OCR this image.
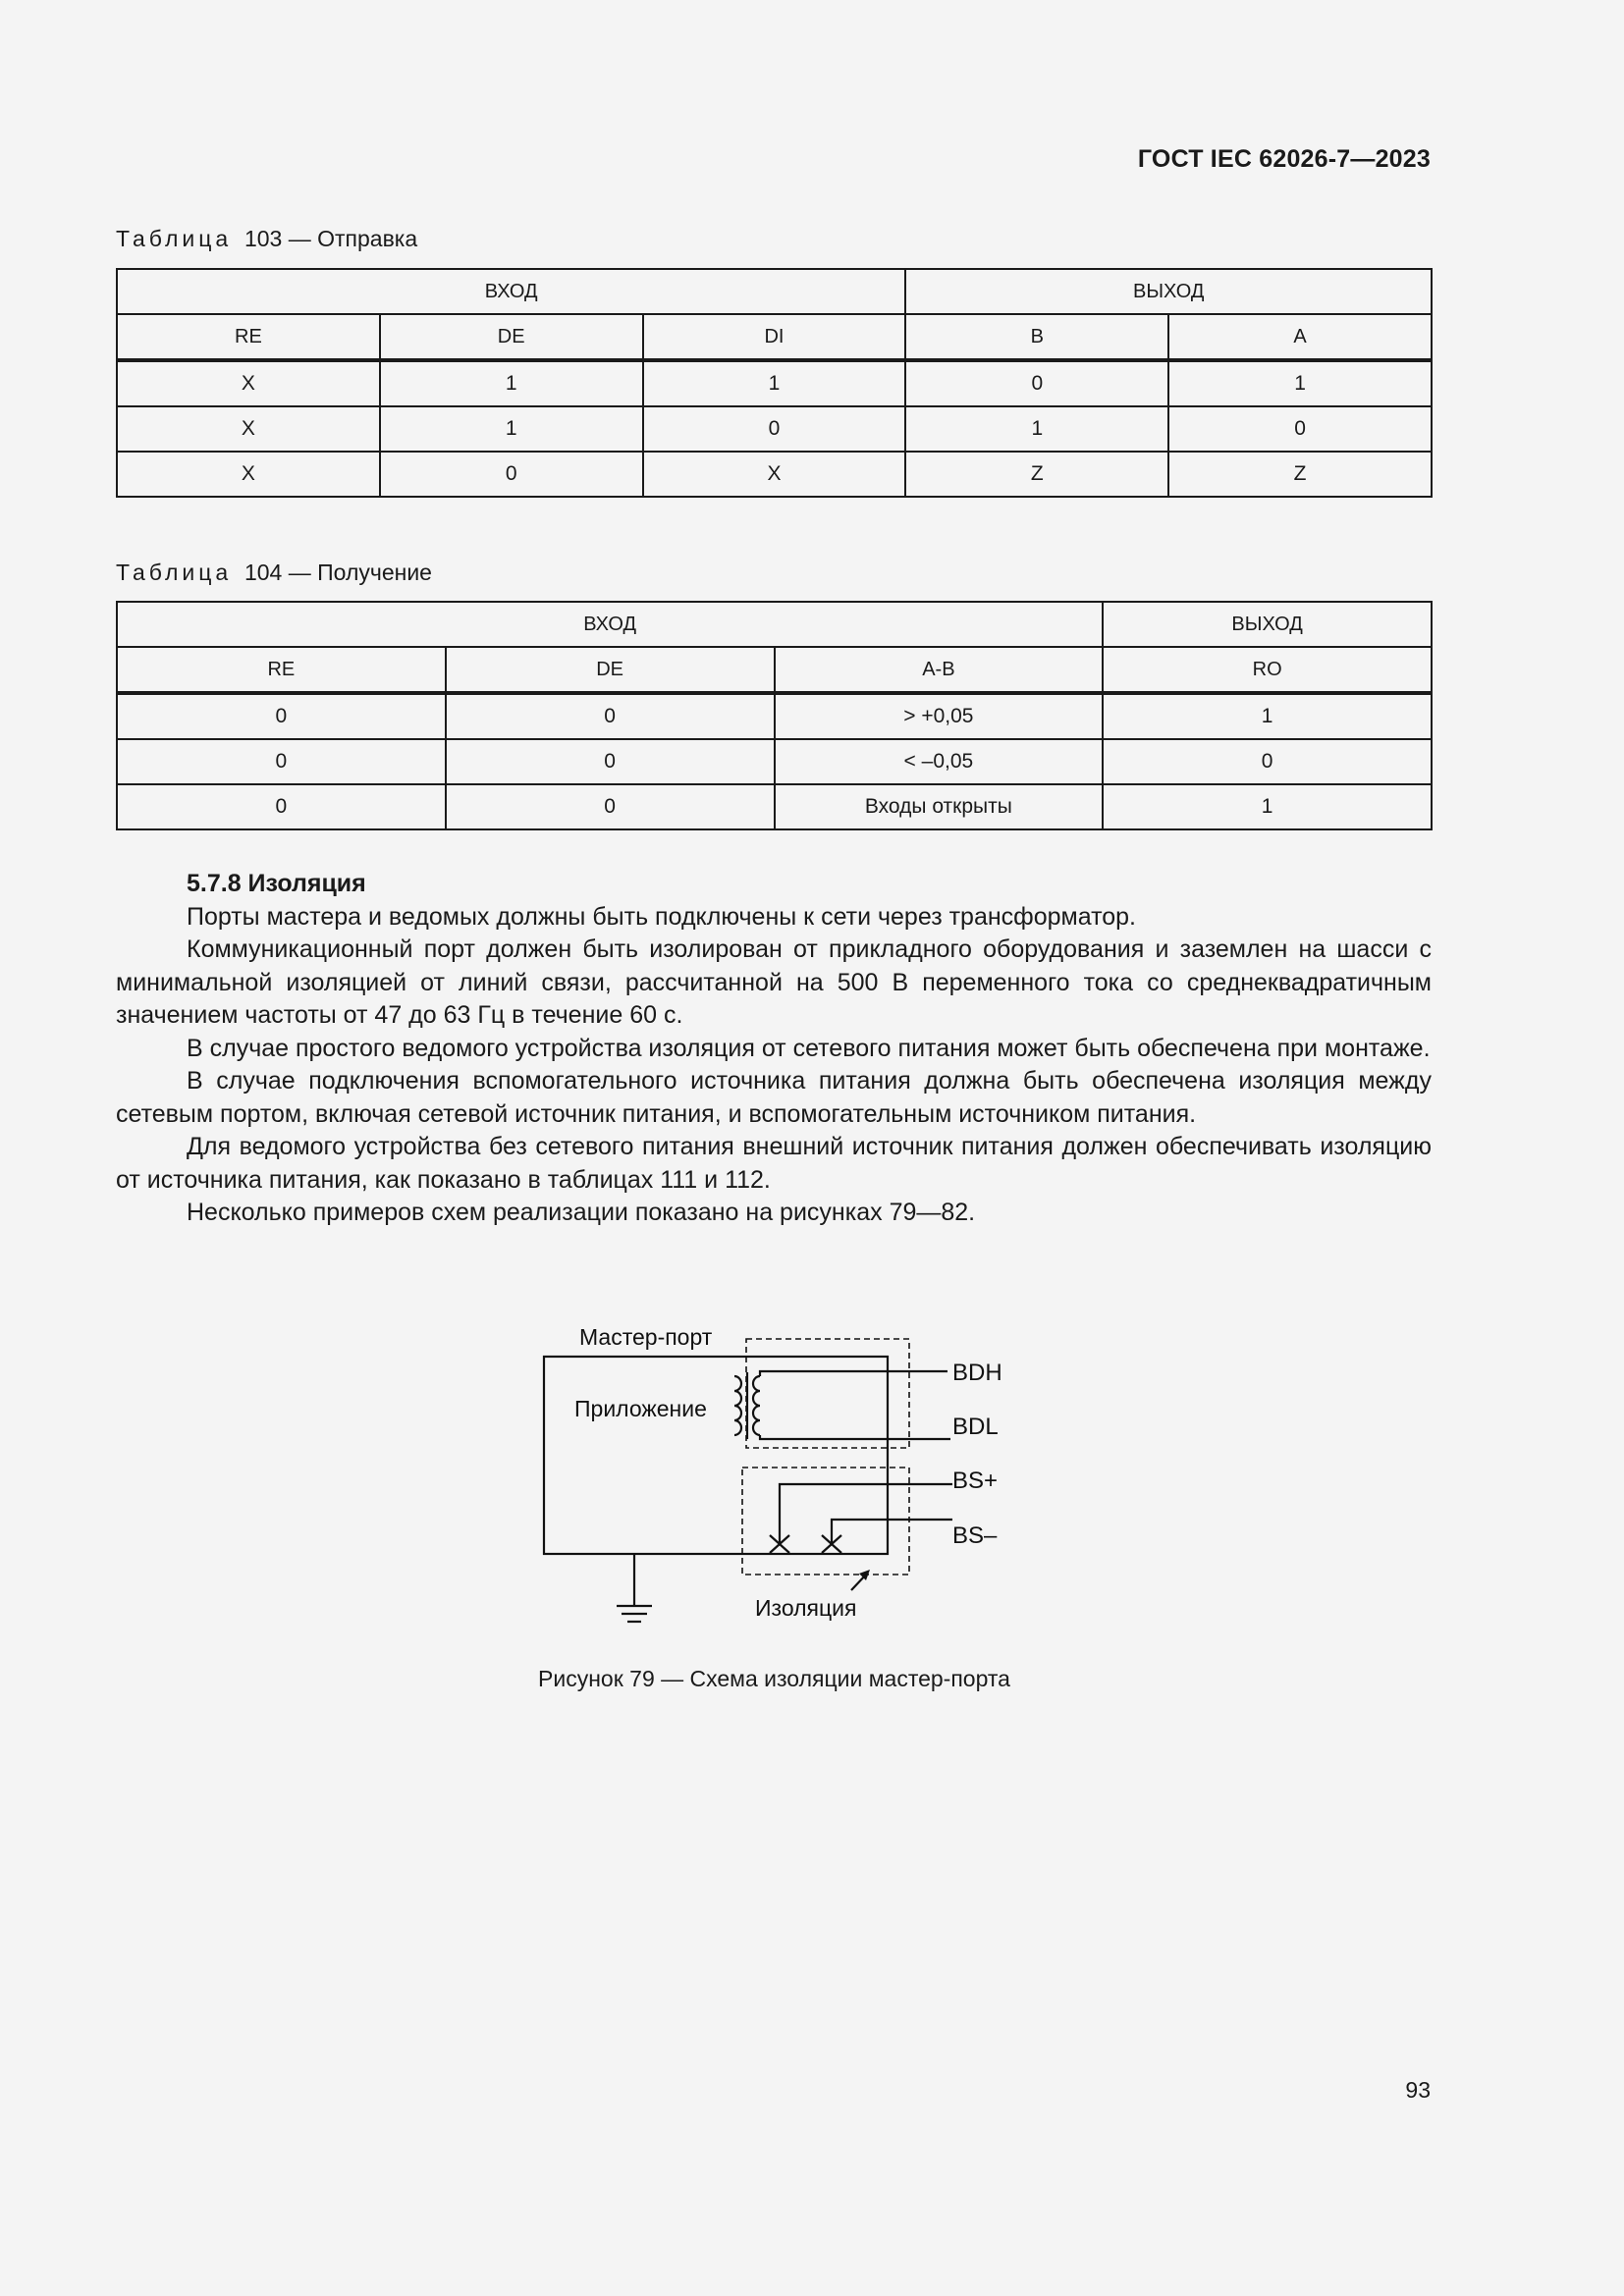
ГОСТ IEC 62026-7—2023
Таблица 103 — Отправка
ВХОД			ВЫХОД	
RE	DE	DI	B	A
X	1	1	0	1
X	1	0	1	0
X	0	X	Z	Z
Таблица 104 — Получение
ВХОД			ВЫХОД
RE	DE	A-B	RO
0	0	> +0,05	1
0	0	< –0,05	0
0	0	Входы открыты	1

5.7.8 Изоляция

Порты мастера и ведомых должны быть подключены к сети через трансформатор.

Коммуникационный порт должен быть изолирован от прикладного оборудования и заземлен на шасси с минимальной изоляцией от линий связи, рассчитанной на 500 В переменного тока со среднеквадратичным значением частоты от 47 до 63 Гц в течение 60 с.

В случае простого ведомого устройства изоляция от сетевого питания может быть обеспечена при монтаже.

В случае подключения вспомогательного источника питания должна быть обеспечена изоляция между сетевым портом, включая сетевой источник питания, и вспомогательным источником питания.

Для ведомого устройства без сетевого питания внешний источник питания должен обеспечивать изоляцию от источника питания, как показано в таблицах 111 и 112.

Несколько примеров схем реализации показано на рисунках 79—82.

Мастер-порт
Приложение
BDH
BDL
BS+
BS–
Изоляция
Рисунок 79 — Схема изоляции мастер-порта
93
